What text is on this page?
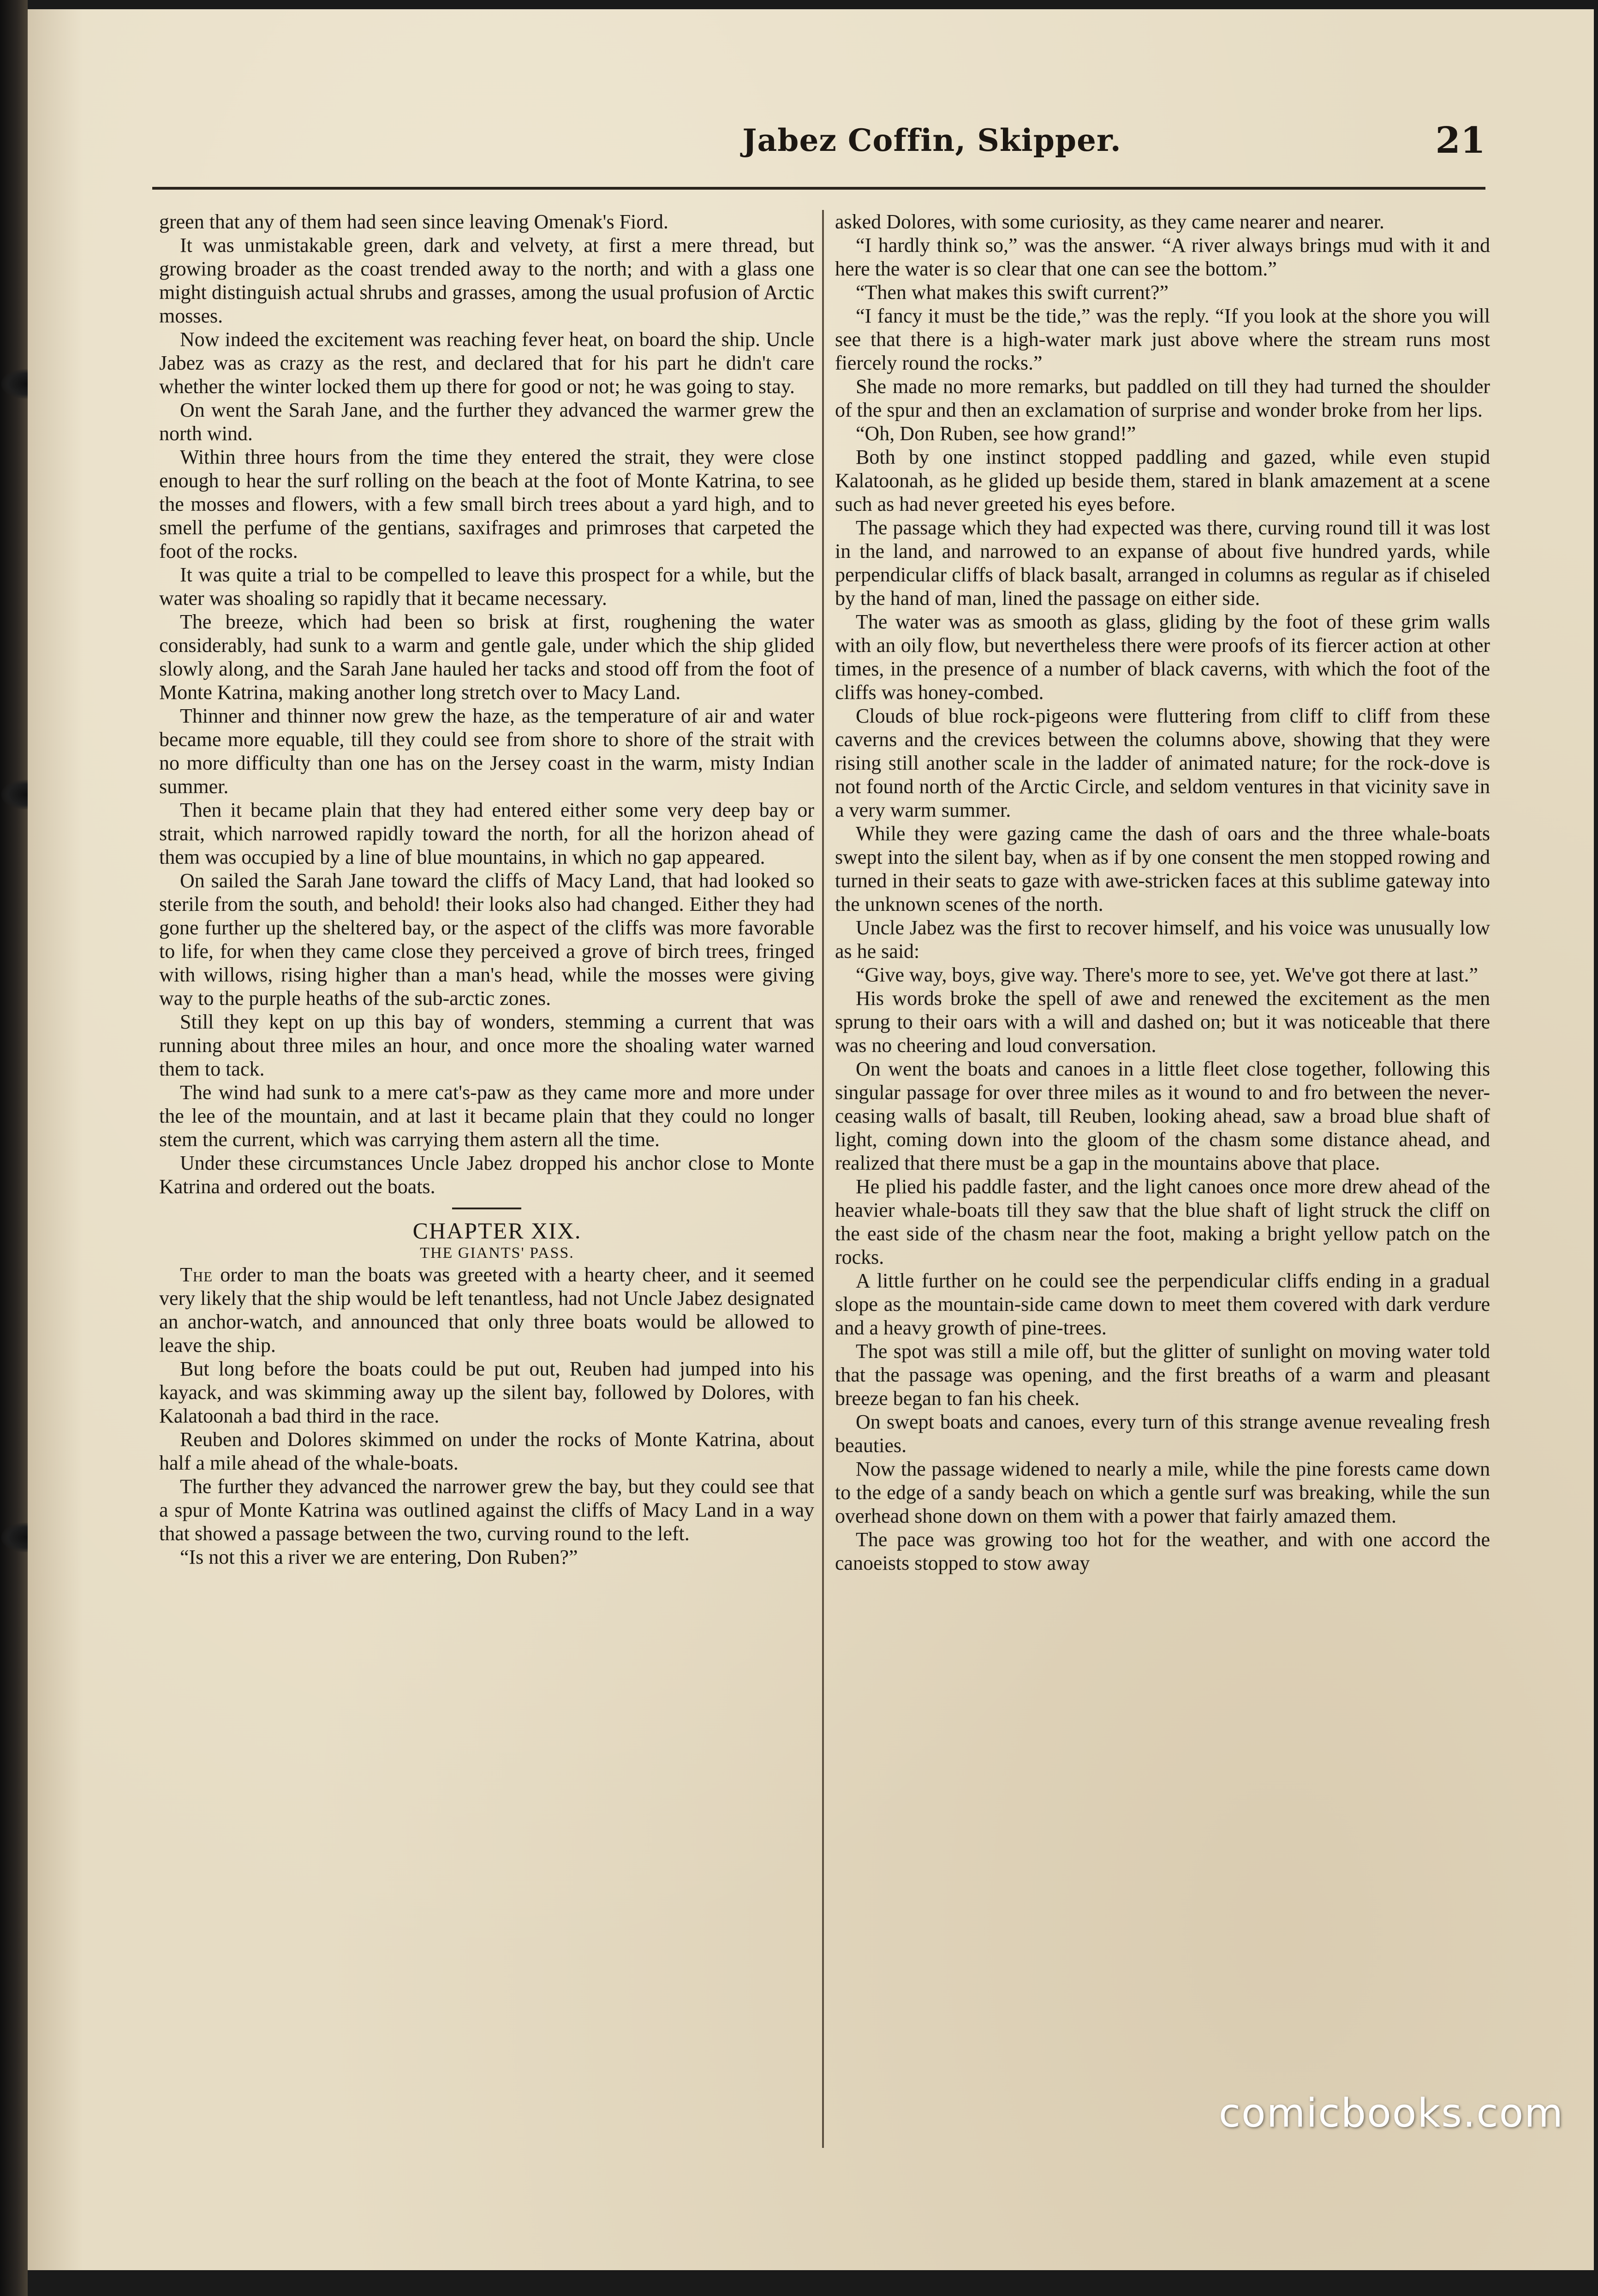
Jabez Coffin, Skipper.	21

green that any of them had seen since leaving Omenak's Fiord.

It was unmistakable green, dark and velvety, at first a mere thread, but growing broader as the coast trended away to the north; and with a glass one might distinguish actual shrubs and grasses, among the usual profusion of Arctic mosses.

Now indeed the excitement was reaching fever heat, on board the ship. Uncle Jabez was as crazy as the rest, and declared that for his part he didn't care whether the winter locked them up there for good or not; he was going to stay.

On went the Sarah Jane, and the further they advanced the warmer grew the north wind.

Within three hours from the time they entered the strait, they were close enough to hear the surf rolling on the beach at the foot of Monte Katrina, to see the mosses and flowers, with a few small birch trees about a yard high, and to smell the perfume of the gentians, saxifrages and primroses that carpeted the foot of the rocks.

It was quite a trial to be compelled to leave this prospect for a while, but the water was shoaling so rapidly that it became necessary.

The breeze, which had been so brisk at first, roughening the water considerably, had sunk to a warm and gentle gale, under which the ship glided slowly along, and the Sarah Jane hauled her tacks and stood off from the foot of Monte Katrina, making another long stretch over to Macy Land.

Thinner and thinner now grew the haze, as the temperature of air and water became more equable, till they could see from shore to shore of the strait with no more difficulty than one has on the Jersey coast in the warm, misty Indian summer.

Then it became plain that they had entered either some very deep bay or strait, which narrowed rapidly toward the north, for all the horizon ahead of them was occupied by a line of blue mountains, in which no gap appeared.

On sailed the Sarah Jane toward the cliffs of Macy Land, that had looked so sterile from the south, and behold! their looks also had changed. Either they had gone further up the sheltered bay, or the aspect of the cliffs was more favorable to life, for when they came close they perceived a grove of birch trees, fringed with willows, rising higher than a man's head, while the mosses were giving way to the purple heaths of the sub-arctic zones.

Still they kept on up this bay of wonders, stemming a current that was running about three miles an hour, and once more the shoaling water warned them to tack.

The wind had sunk to a mere cat's-paw as they came more and more under the lee of the mountain, and at last it became plain that they could no longer stem the current, which was carrying them astern all the time.

Under these circumstances Uncle Jabez dropped his anchor close to Monte Katrina and ordered out the boats.

CHAPTER XIX.

THE GIANTS' PASS.

The order to man the boats was greeted with a hearty cheer, and it seemed very likely that the ship would be left tenantless, had not Uncle Jabez designated an anchor-watch, and announced that only three boats would be allowed to leave the ship.

But long before the boats could be put out, Reuben had jumped into his kayack, and was skimming away up the silent bay, followed by Dolores, with Kalatoonah a bad third in the race.

Reuben and Dolores skimmed on under the rocks of Monte Katrina, about half a mile ahead of the whale-boats.

The further they advanced the narrower grew the bay, but they could see that a spur of Monte Katrina was outlined against the cliffs of Macy Land in a way that showed a passage between the two, curving round to the left.

“Is not this a river we are entering, Don Ruben?”

asked Dolores, with some curiosity, as they came nearer and nearer.

“I hardly think so,” was the answer. “A river always brings mud with it and here the water is so clear that one can see the bottom.”

“Then what makes this swift current?”

“I fancy it must be the tide,” was the reply. “If you look at the shore you will see that there is a high-water mark just above where the stream runs most fiercely round the rocks.”

She made no more remarks, but paddled on till they had turned the shoulder of the spur and then an exclamation of surprise and wonder broke from her lips.

“Oh, Don Ruben, see how grand!”

Both by one instinct stopped paddling and gazed, while even stupid Kalatoonah, as he glided up beside them, stared in blank amazement at a scene such as had never greeted his eyes before.

The passage which they had expected was there, curving round till it was lost in the land, and narrowed to an expanse of about five hundred yards, while perpendicular cliffs of black basalt, arranged in columns as regular as if chiseled by the hand of man, lined the passage on either side.

The water was as smooth as glass, gliding by the foot of these grim walls with an oily flow, but nevertheless there were proofs of its fiercer action at other times, in the presence of a number of black caverns, with which the foot of the cliffs was honey-combed.

Clouds of blue rock-pigeons were fluttering from cliff to cliff from these caverns and the crevices between the columns above, showing that they were rising still another scale in the ladder of animated nature; for the rock-dove is not found north of the Arctic Circle, and seldom ventures in that vicinity save in a very warm summer.

While they were gazing came the dash of oars and the three whale-boats swept into the silent bay, when as if by one consent the men stopped rowing and turned in their seats to gaze with awe-stricken faces at this sublime gateway into the unknown scenes of the north.

Uncle Jabez was the first to recover himself, and his voice was unusually low as he said:

“Give way, boys, give way. There's more to see, yet. We've got there at last.”

His words broke the spell of awe and renewed the excitement as the men sprung to their oars with a will and dashed on; but it was noticeable that there was no cheering and loud conversation.

On went the boats and canoes in a little fleet close together, following this singular passage for over three miles as it wound to and fro between the never-ceasing walls of basalt, till Reuben, looking ahead, saw a broad blue shaft of light, coming down into the gloom of the chasm some distance ahead, and realized that there must be a gap in the mountains above that place.

He plied his paddle faster, and the light canoes once more drew ahead of the heavier whale-boats till they saw that the blue shaft of light struck the cliff on the east side of the chasm near the foot, making a bright yellow patch on the rocks.

A little further on he could see the perpendicular cliffs ending in a gradual slope as the mountain-side came down to meet them covered with dark verdure and a heavy growth of pine-trees.

The spot was still a mile off, but the glitter of sunlight on moving water told that the passage was opening, and the first breaths of a warm and pleasant breeze began to fan his cheek.

On swept boats and canoes, every turn of this strange avenue revealing fresh beauties.

Now the passage widened to nearly a mile, while the pine forests came down to the edge of a sandy beach on which a gentle surf was breaking, while the sun overhead shone down on them with a power that fairly amazed them.

The pace was growing too hot for the weather, and with one accord the canoeists stopped to stow away

comicbooks.com
